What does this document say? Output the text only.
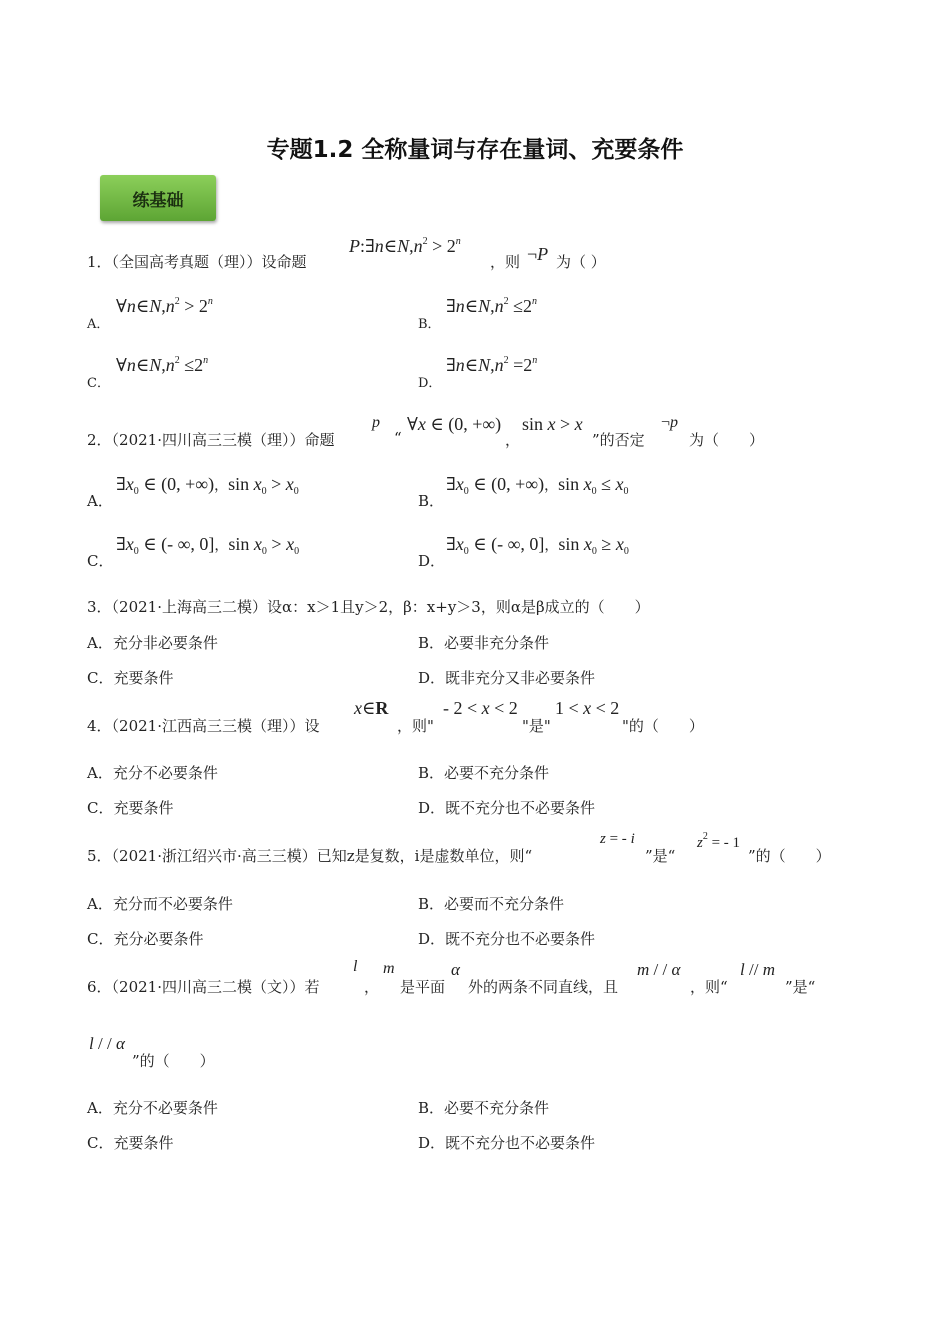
专题1.2 全称量词与存在量词、充要条件
练基础
1．（全国高考真题（理））设命题
$P:\exists n\in N,n^2 > 2^n$
，则 ¬P 为（ ）
A．
$\forall n\in N,n^2 > 2^n$
B．
$\exists n\in N,n^2 \le 2^n$
C．
$\forall n\in N,n^2 \le 2^n$
D．
$\exists n\in N,n^2 =2^n$
2．（2021·四川高三三模（理））命题
p
“
∀x ∈ (0, +∞)
，
sin x > x
”的否定
¬p
为（　　）
A．
$\exists x_0$ ∈ (0, +∞)，$\sin x_0 > x_0$
B．
$\exists x_0$ ∈ (0, +∞)，$\sin x_0 \le x_0$
C．
$\exists x_0$ ∈ (- ∞, 0]，$\sin x_0 > x_0$
D．
$\exists x_0$ ∈ (- ∞, 0]，$\sin x_0 \ge x_0$
3．（2021·上海高三二模）设α：x＞1且y＞2，β：x+y＞3，则α是β成立的（　　）
A．充分非必要条件	B．必要非充分条件
C．充要条件	D．既非充分又非必要条件
4．（2021·江西高三三模（理））设
x∈R
，则"
- 2 < x < 2
"是"
1 < x < 2
"的（　　）
A．充分不必要条件	B．必要不充分条件
C．充要条件	D．既不充分也不必要条件
5．（2021·浙江绍兴市·高三三模）已知z是复数，i是虚数单位，则“
z = - i
”是“
$z^2$ = - 1
”的（　　）
A．充分而不必要条件	B．必要而不充分条件
C．充分必要条件	D．既不充分也不必要条件
6．（2021·四川高三二模（文））若
l
，
m
是平面
α
外的两条不同直线，且
m / / α
，则“
l // m
”是“
l / / α
”的（　　）
A．充分不必要条件	B．必要不充分条件
C．充要条件	D．既不充分也不必要条件
